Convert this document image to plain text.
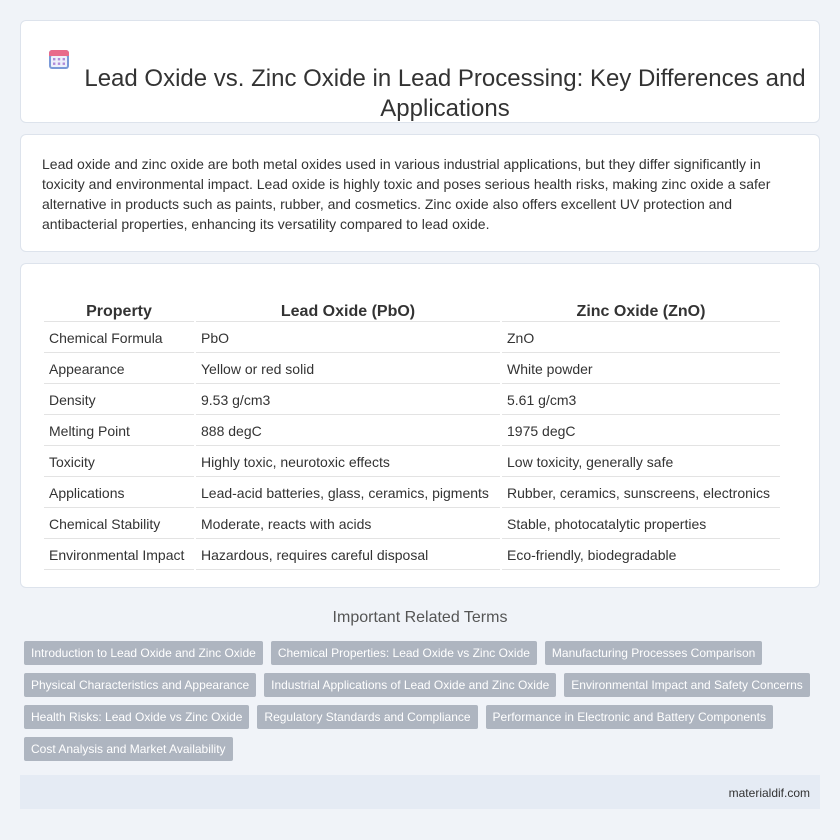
Lead Oxide vs. Zinc Oxide in Lead Processing: Key Differences and Applications

Lead oxide and zinc oxide are both metal oxides used in various industrial applications, but they differ significantly in toxicity and environmental impact. Lead oxide is highly toxic and poses serious health risks, making zinc oxide a safer alternative in products such as paints, rubber, and cosmetics. Zinc oxide also offers excellent UV protection and antibacterial properties, enhancing its versatility compared to lead oxide.

Property	Lead Oxide (PbO)	Zinc Oxide (ZnO)
Chemical Formula	PbO	ZnO
Appearance	Yellow or red solid	White powder
Density	9.53 g/cm3	5.61 g/cm3
Melting Point	888 degC	1975 degC
Toxicity	Highly toxic, neurotoxic effects	Low toxicity, generally safe
Applications	Lead-acid batteries, glass, ceramics, pigments	Rubber, ceramics, sunscreens, electronics
Chemical Stability	Moderate, reacts with acids	Stable, photocatalytic properties
Environmental Impact	Hazardous, requires careful disposal	Eco-friendly, biodegradable
Important Related Terms
Introduction to Lead Oxide and Zinc Oxide	Chemical Properties: Lead Oxide vs Zinc Oxide	Manufacturing Processes Comparison
Physical Characteristics and Appearance	Industrial Applications of Lead Oxide and Zinc Oxide	Environmental Impact and Safety Concerns
Health Risks: Lead Oxide vs Zinc Oxide	Regulatory Standards and Compliance	Performance in Electronic and Battery Components
Cost Analysis and Market Availability
materialdif.com
